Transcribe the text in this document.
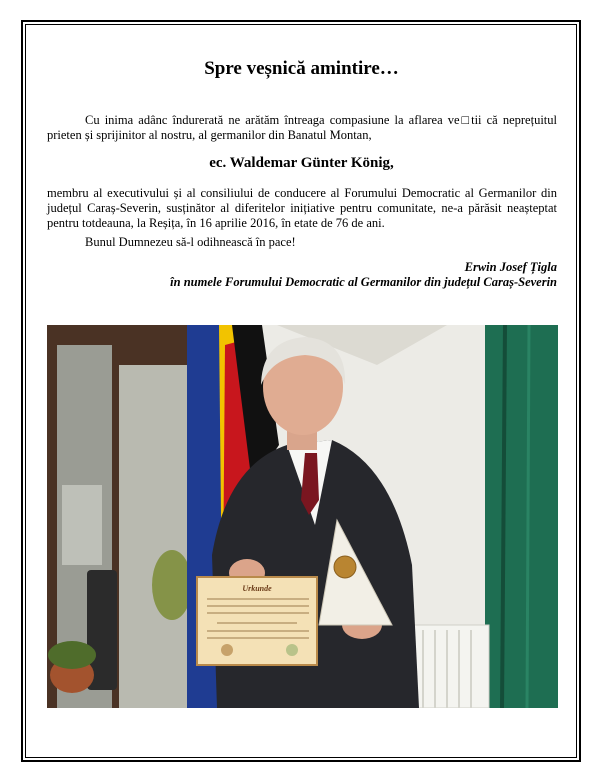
Spre veșnică amintire…
Cu inima adânc îndurerată ne arătăm întreaga compasiune la aflarea ve□tii că neprețuitul prieten și sprijinitor al nostru, al germanilor din Banatul Montan,
ec. Waldemar Günter König,
membru al executivului și al consiliului de conducere al Forumului Democratic al Germanilor din județul Caraș-Severin, susținător al diferitelor inițiative pentru comunitate, ne-a părăsit neașteptat pentru totdeauna, la Reșița, în 16 aprilie 2016, în etate de 76 de ani.
Bunul Dumnezeu să-l odihnească în pace!
Erwin Josef Țigla
în numele Forumului Democratic al Germanilor din județul Caraș-Severin
Urkunde
